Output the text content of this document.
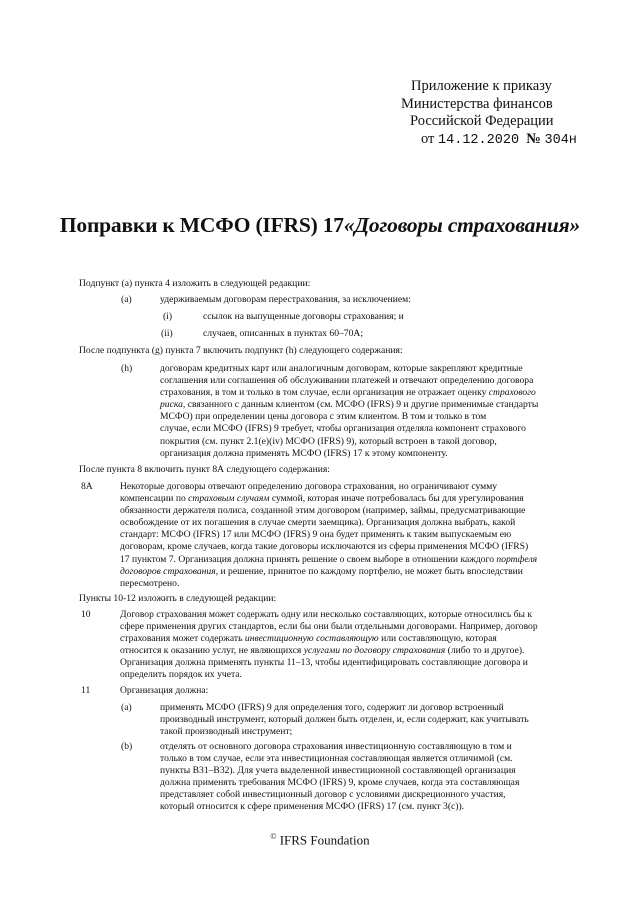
Приложение к приказу
Министерства финансов
Российской Федерации
от 14.12.2020 № 304н
Поправки к МСФО (IFRS) 17«Договоры страхования»
Подпункт (a) пункта 4 изложить в следующей редакции:
(a)	удерживаемым договорам перестрахования, за исключением:
(i)	ссылок на выпущенные договоры страхования; и
(ii)	случаев, описанных в пунктах 60–70А;
После подпункта (g) пункта 7 включить подпункт (h) следующего содержания:
(h)	договорам кредитных карт или аналогичным договорам, которые закрепляют кредитные
соглашения или соглашения об обслуживании платежей и отвечают определению договора
страхования, в том и только в том случае, если организация не отражает оценку страхового
риска, связанного с данным клиентом (см. МСФО (IFRS) 9 и другие применимые стандарты
МСФО) при определении цены договора с этим клиентом. В том и только в том
случае, если МСФО (IFRS) 9 требует, чтобы организация отделяла компонент страхового
покрытия (см. пункт 2.1(e)(iv) МСФО (IFRS) 9), который встроен в такой договор,
организация должна применять МСФО (IFRS) 17 к этому компоненту.
После пункта 8 включить пункт 8А следующего содержания:
8А	Некоторые договоры отвечают определению договора страхования, но ограничивают сумму
компенсации по страховым случаям суммой, которая иначе потребовалась бы для урегулирования
обязанности держателя полиса, созданной этим договором (например, займы, предусматривающие
освобождение от их погашения в случае смерти заемщика). Организация должна выбрать, какой
стандарт: МСФО (IFRS) 17 или МСФО (IFRS) 9 она будет применять к таким выпускаемым ею
договорам, кроме случаев, когда такие договоры исключаются из сферы применения МСФО (IFRS)
17 пунктом 7. Организация должна принять решение о своем выборе в отношении каждого портфеля
договоров страхования, и решение, принятое по каждому портфелю, не может быть впоследствии
пересмотрено.
Пункты 10-12 изложить в следующей редакции:
10	Договор страхования может содержать одну или несколько составляющих, которые относились бы к
сфере применения других стандартов, если бы они были отдельными договорами. Например, договор
страхования может содержать инвестиционную составляющую или составляющую, которая
относится к оказанию услуг, не являющихся услугами по договору страхования (либо то и другое).
Организация должна применять пункты 11–13, чтобы идентифицировать составляющие договора и
определить порядок их учета.
11	Организация должна:
(a)	применять МСФО (IFRS) 9 для определения того, содержит ли договор встроенный
производный инструмент, который должен быть отделен, и, если содержит, как учитывать
такой производный инструмент;
(b)	отделять от основного договора страхования инвестиционную составляющую в том и
только в том случае, если эта инвестиционная составляющая является отличимой (см.
пункты В31–В32). Для учета выделенной инвестиционной составляющей организация
должна применять требования МСФО (IFRS) 9, кроме случаев, когда эта составляющая
представляет собой инвестиционный договор с условиями дискреционного участия,
который относится к сфере применения МСФО (IFRS) 17 (см. пункт 3(c)).
© IFRS Foundation
